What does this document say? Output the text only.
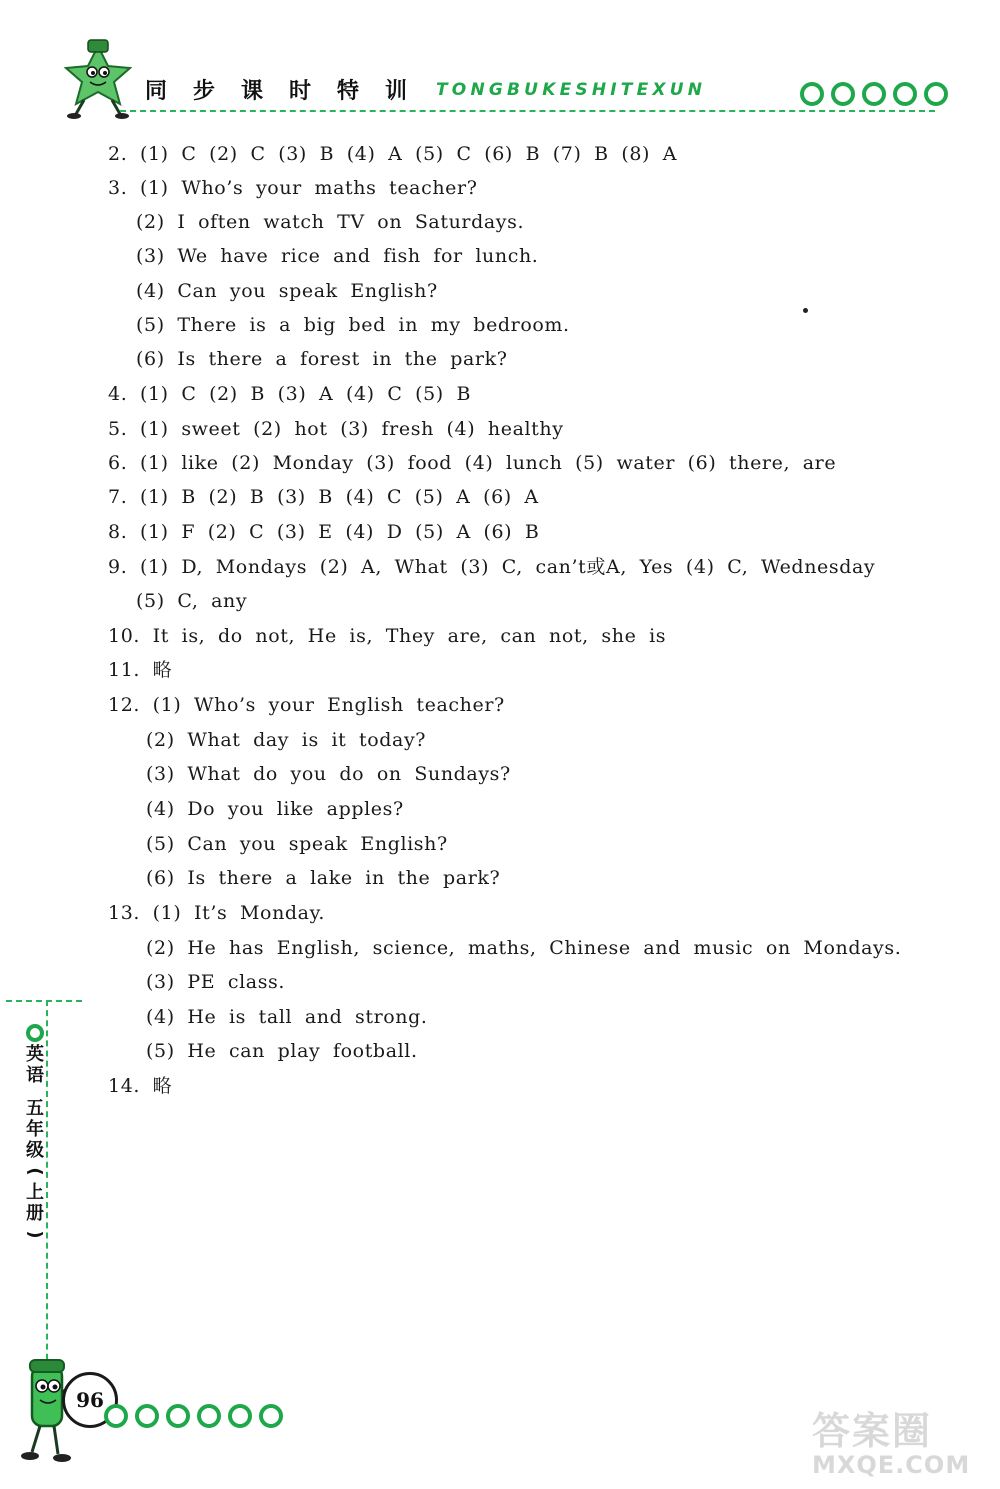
同	步	课	时	特	训	TONGBUKESHITEXUN
2. (1) C (2) C (3) B (4) A (5) C (6) B (7) B (8) A
3. (1) Who’s your maths teacher?
(2) I often watch TV on Saturdays.
(3) We have rice and fish for lunch.
(4) Can you speak English?
(5) There is a big bed in my bedroom.
(6) Is there a forest in the park?
4. (1) C (2) B (3) A (4) C (5) B
5. (1) sweet (2) hot (3) fresh (4) healthy
6. (1) like (2) Monday (3) food (4) lunch (5) water (6) there, are
7. (1) B (2) B (3) B (4) C (5) A (6) A
8. (1) F (2) C (3) E (4) D (5) A (6) B
9. (1) D, Mondays (2) A, What (3) C, can’t或A, Yes (4) C, Wednesday
(5) C, any
10. It is, do not, He is, They are, can not, she is
11. 略
12. (1) Who’s your English teacher?
(2) What day is it today?
(3) What do you do on Sundays?
(4) Do you like apples?
(5) Can you speak English?
(6) Is there a lake in the park?
13. (1) It’s Monday.
(2) He has English, science, maths, Chinese and music on Mondays.
(3) PE class.
(4) He is tall and strong.
(5) He can play football.
14. 略
英
语
五
年
级
(
上
册
)
96
答案圈
MXQE.COM
